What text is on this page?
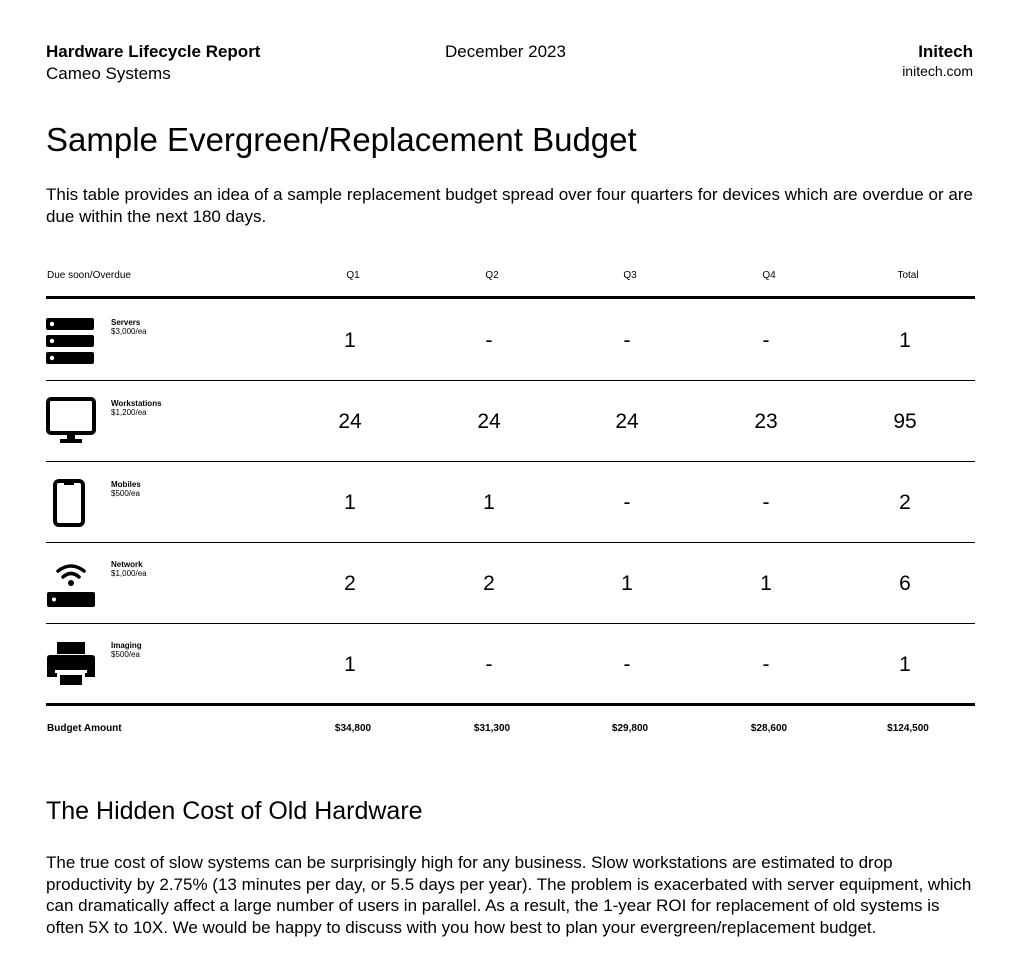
Hardware Lifecycle Report
Cameo Systems
December 2023	Initech
initech.com
Sample Evergreen/Replacement Budget
This table provides an idea of a sample replacement budget spread over four quarters for devices which are overdue or are due within the next 180 days.
Due soon/Overdue	Q1	Q2	Q3	Q4	Total
Servers
$3,000/ea	1	-	-	-	1
Workstations
$1,200/ea	24	24	24	23	95
Mobiles
$500/ea	1	1	-	-	2
Network
$1,000/ea	2	2	1	1	6
Imaging
$500/ea	1	-	-	-	1
Budget Amount	$34,800	$31,300	$29,800	$28,600	$124,500
The Hidden Cost of Old Hardware
The true cost of slow systems can be surprisingly high for any business. Slow workstations are estimated to drop productivity by 2.75% (13 minutes per day, or 5.5 days per year). The problem is exacerbated with server equipment, which can dramatically affect a large number of users in parallel. As a result, the 1-year ROI for replacement of old systems is often 5X to 10X. We would be happy to discuss with you how best to plan your evergreen/replacement budget.
